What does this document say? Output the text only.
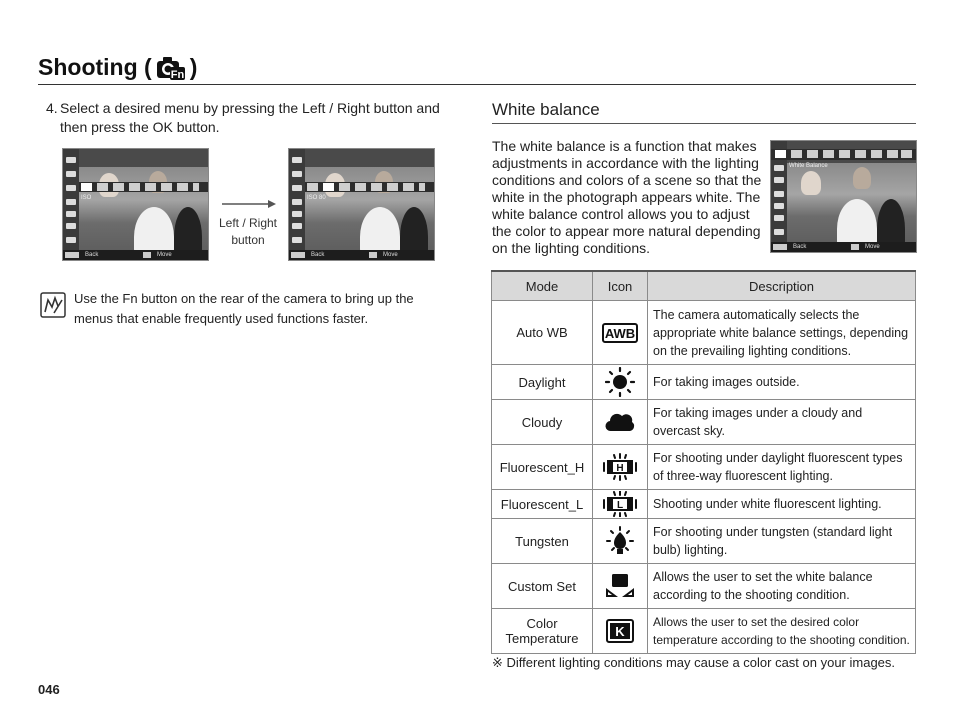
Shooting ( Fn )
4. Select a desired menu by pressing the Left / Right button and then press the OK button.
ISO
Back	Move
Left / Right
button
ISO 80
Back	Move
Use the Fn button on the rear of the camera to bring up the menus that enable frequently used functions faster.
White balance
The white balance is a function that makes adjustments in accordance with the lighting conditions and colors of a scene so that the white in the photograph appears white. The white balance control allows you to adjust the color to appear more natural depending on the lighting conditions.
White Balance
Back	Move
Mode	Icon	Description
Auto WB	AWB	The camera automatically selects the appropriate white balance settings, depending on the prevailing lighting conditions.
Daylight		For taking images outside.
Cloudy		For taking images under a cloudy and overcast sky.
Fluorescent_H	H	For shooting under daylight fluorescent types of three-way fluorescent lighting.
Fluorescent_L	L	Shooting under white fluorescent lighting.
Tungsten		For shooting under tungsten (standard light bulb) lighting.
Custom Set		Allows the user to set the white balance according to the shooting condition.
Color Temperature	K	Allows the user to set the desired color temperature according to the shooting condition.
※ Different lighting conditions may cause a color cast on your images.
046
